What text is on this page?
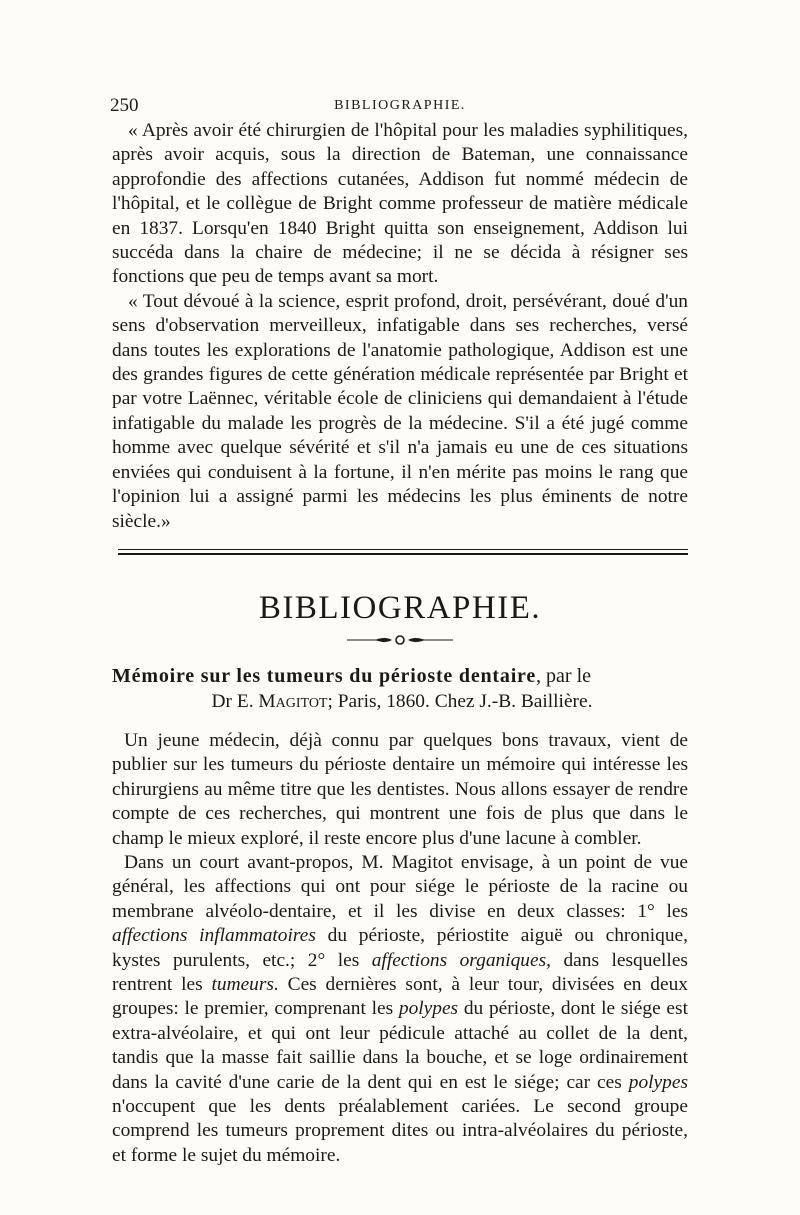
250	BIBLIOGRAPHIE.

« Après avoir été chirurgien de l'hôpital pour les maladies syphilitiques, après avoir acquis, sous la direction de Bateman, une connaissance approfondie des affections cutanées, Addison fut nommé médecin de l'hôpital, et le collègue de Bright comme professeur de matière médicale en 1837. Lorsqu'en 1840 Bright quitta son enseignement, Addison lui succéda dans la chaire de médecine; il ne se décida à résigner ses fonctions que peu de temps avant sa mort.

« Tout dévoué à la science, esprit profond, droit, persévérant, doué d'un sens d'observation merveilleux, infatigable dans ses recherches, versé dans toutes les explorations de l'anatomie pathologique, Addison est une des grandes figures de cette génération médicale représentée par Bright et par votre Laënnec, véritable école de cliniciens qui demandaient à l'étude infatigable du malade les progrès de la médecine. S'il a été jugé comme homme avec quelque sévérité et s'il n'a jamais eu une de ces situations enviées qui conduisent à la fortune, il n'en mérite pas moins le rang que l'opinion lui a assigné parmi les médecins les plus éminents de notre siècle.»

BIBLIOGRAPHIE.
Mémoire sur les tumeurs du périoste dentaire, par le
Dr E. Magitot; Paris, 1860. Chez J.-B. Baillière.

Un jeune médecin, déjà connu par quelques bons travaux, vient de publier sur les tumeurs du périoste dentaire un mémoire qui intéresse les chirurgiens au même titre que les dentistes. Nous allons essayer de rendre compte de ces recherches, qui montrent une fois de plus que dans le champ le mieux exploré, il reste encore plus d'une lacune à combler.

Dans un court avant-propos, M. Magitot envisage, à un point de vue général, les affections qui ont pour siége le périoste de la racine ou membrane alvéolo-dentaire, et il les divise en deux classes: 1° les affections inflammatoires du périoste, périostite aiguë ou chronique, kystes purulents, etc.; 2° les affections organiques, dans lesquelles rentrent les tumeurs. Ces dernières sont, à leur tour, divisées en deux groupes: le premier, comprenant les polypes du périoste, dont le siége est extra-alvéolaire, et qui ont leur pédicule attaché au collet de la dent, tandis que la masse fait saillie dans la bouche, et se loge ordinairement dans la cavité d'une carie de la dent qui en est le siége; car ces polypes n'occupent que les dents préalablement cariées. Le second groupe comprend les tumeurs proprement dites ou intra-alvéolaires du périoste, et forme le sujet du mémoire.
